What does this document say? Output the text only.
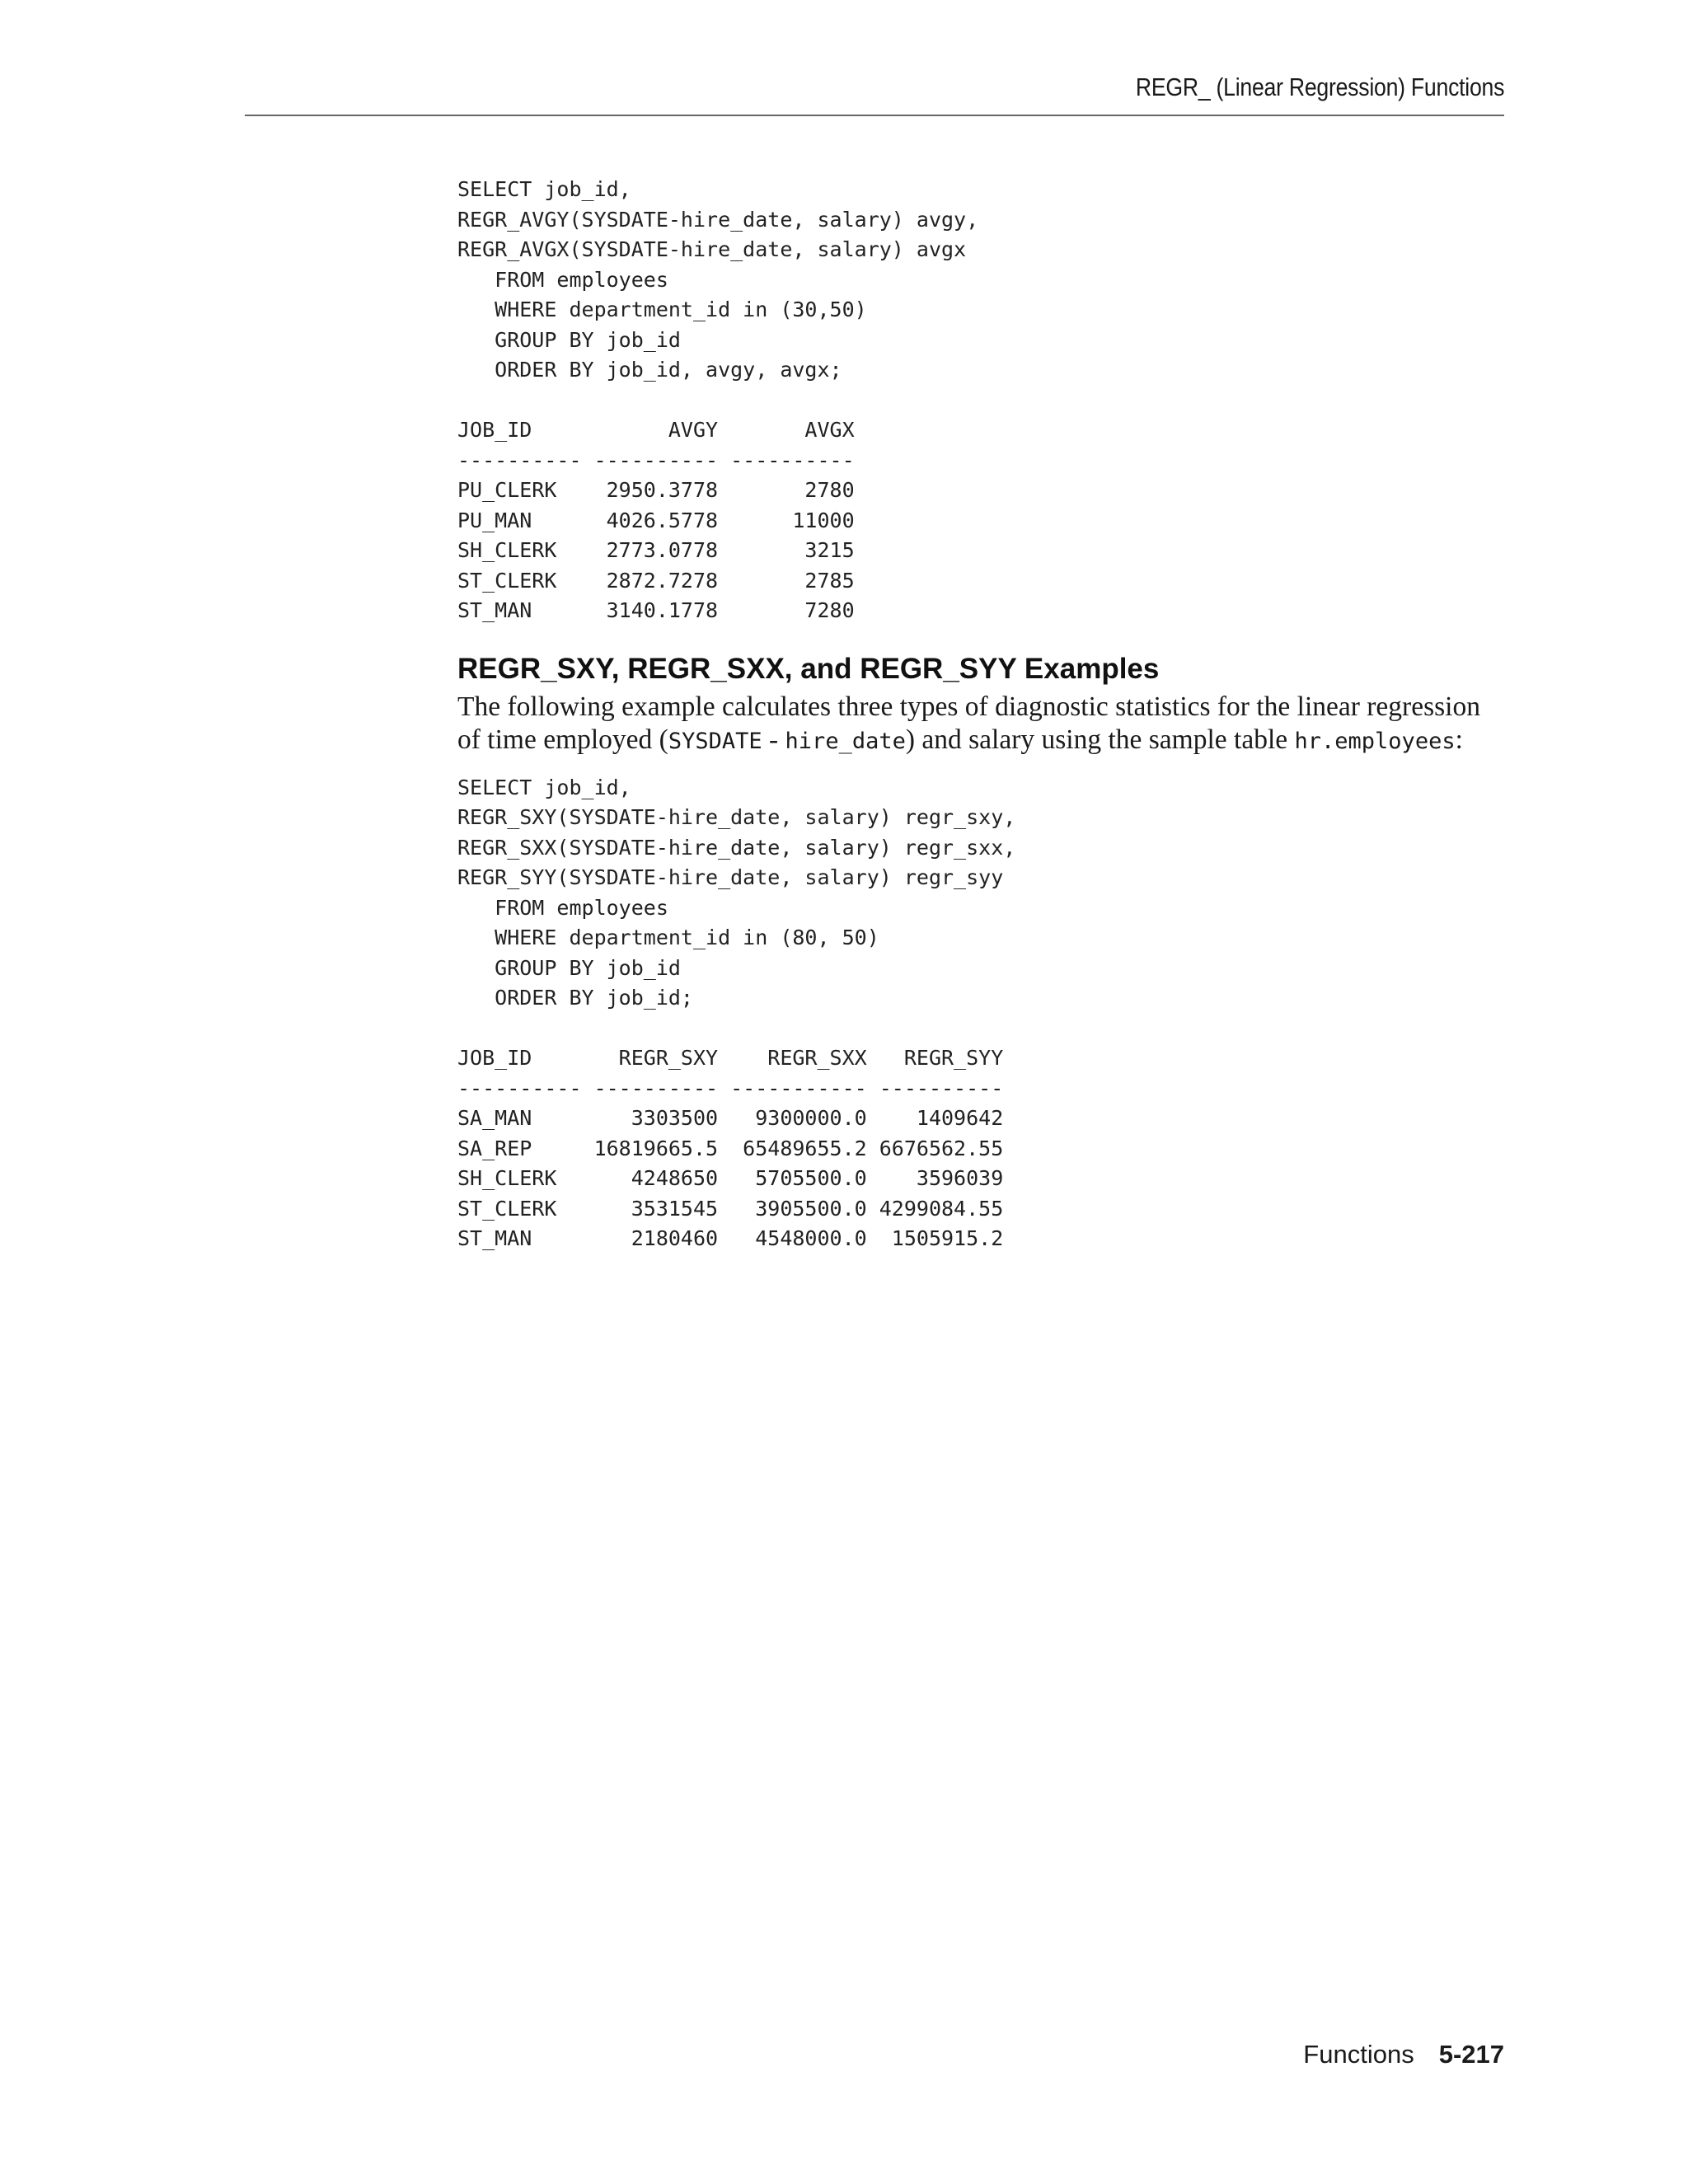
REGR_ (Linear Regression) Functions
SELECT job_id,
REGR_AVGY(SYSDATE-hire_date, salary) avgy,
REGR_AVGX(SYSDATE-hire_date, salary) avgx
FROM employees
WHERE department_id in (30,50)
GROUP BY job_id
ORDER BY job_id, avgy, avgx;
JOB_ID           AVGY       AVGX
---------- ---------- ----------
PU_CLERK    2950.3778       2780
PU_MAN      4026.5778      11000
SH_CLERK    2773.0778       3215
ST_CLERK    2872.7278       2785
ST_MAN      3140.1778       7280
REGR_SXY, REGR_SXX, and REGR_SYY Examples

The following example calculates three types of diagnostic statistics for the linear regression of time employed (SYSDATE - hire_date) and salary using the sample table hr.employees:

SELECT job_id,
REGR_SXY(SYSDATE-hire_date, salary) regr_sxy,
REGR_SXX(SYSDATE-hire_date, salary) regr_sxx,
REGR_SYY(SYSDATE-hire_date, salary) regr_syy
FROM employees
WHERE department_id in (80, 50)
GROUP BY job_id
ORDER BY job_id;
JOB_ID       REGR_SXY    REGR_SXX   REGR_SYY
---------- ---------- ----------- ----------
SA_MAN        3303500   9300000.0    1409642
SA_REP     16819665.5  65489655.2 6676562.55
SH_CLERK      4248650   5705500.0    3596039
ST_CLERK      3531545   3905500.0 4299084.55
ST_MAN        2180460   4548000.0  1505915.2
Functions 5-217
